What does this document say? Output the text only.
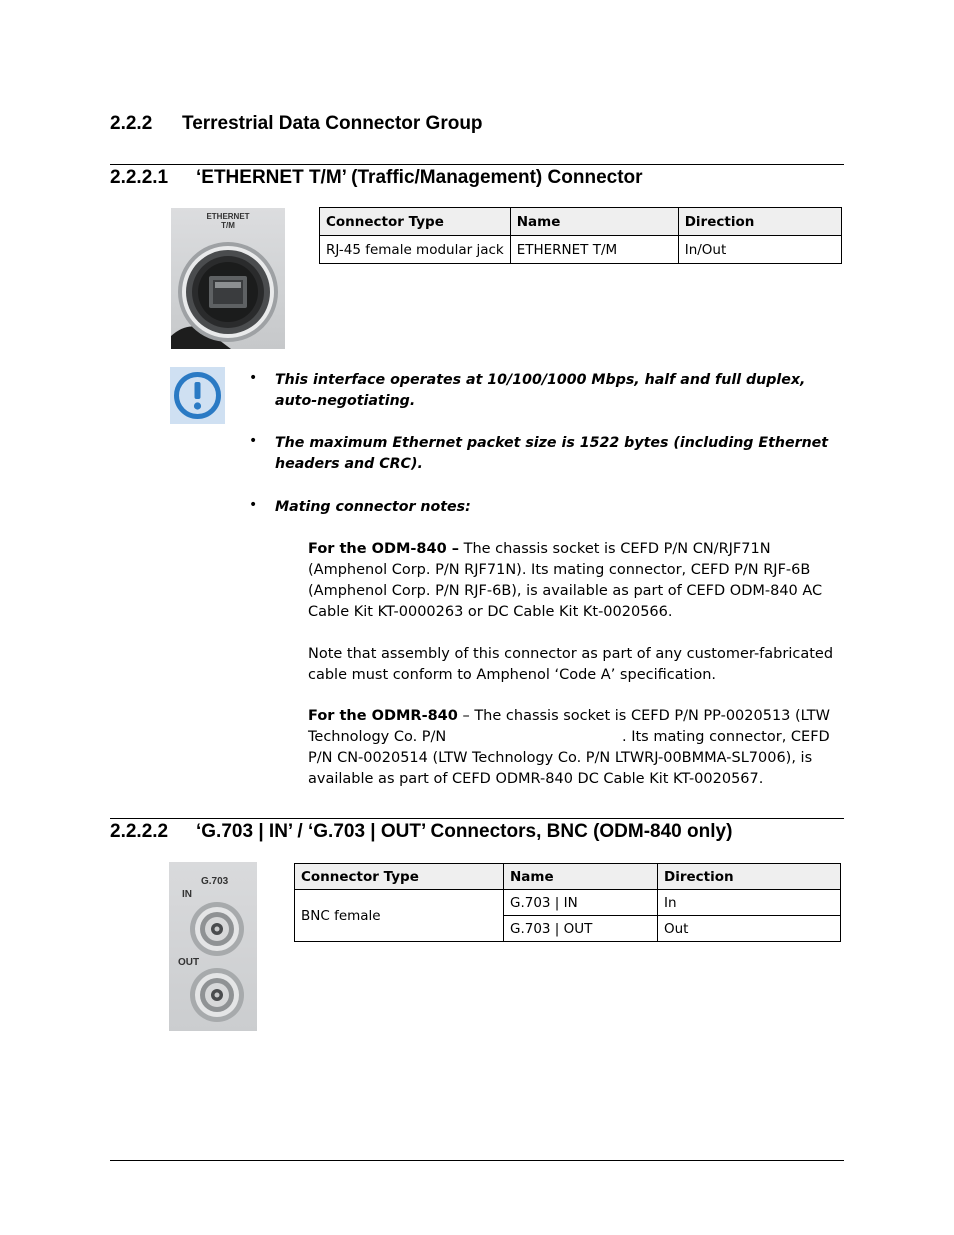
2.2.2 Terrestrial Data Connector Group
2.2.2.1 ‘ETHERNET T/M’ (Traffic/Management) Connector
ETHERNET
T/M	Connector Type	Name	Direction
RJ-45 female modular jack	ETHERNET T/M	In/Out
• This interface operates at 10/100/1000 Mbps, half and full duplex, auto-negotiating.
• The maximum Ethernet packet size is 1522 bytes (including Ethernet headers and CRC).
• Mating connector notes:
For the ODM-840 – The chassis socket is CEFD P/N CN/RJF71N (Amphenol Corp. P/N RJF71N). Its mating connector, CEFD P/N RJF-6B (Amphenol Corp. P/N RJF-6B), is available as part of CEFD ODM-840 AC Cable Kit KT-0000263 or DC Cable Kit Kt-0020566.
Note that assembly of this connector as part of any customer-fabricated cable must conform to Amphenol ‘Code A’ specification.
For the ODMR-840 – The chassis socket is CEFD P/N PP-0020513 (LTW
Technology Co. P/N	. Its mating connector, CEFD
P/N CN-0020514 (LTW Technology Co. P/N LTWRJ-00BMMA-SL7006), is
available as part of CEFD ODMR-840 DC Cable Kit KT-0020567.
2.2.2.2 ‘G.703 | IN’ / ‘G.703 | OUT’ Connectors, BNC (ODM-840 only)
G.703
IN
OUT
Connector Type	Name	Direction
BNC female	G.703 | IN	In
	G.703 | OUT	Out
